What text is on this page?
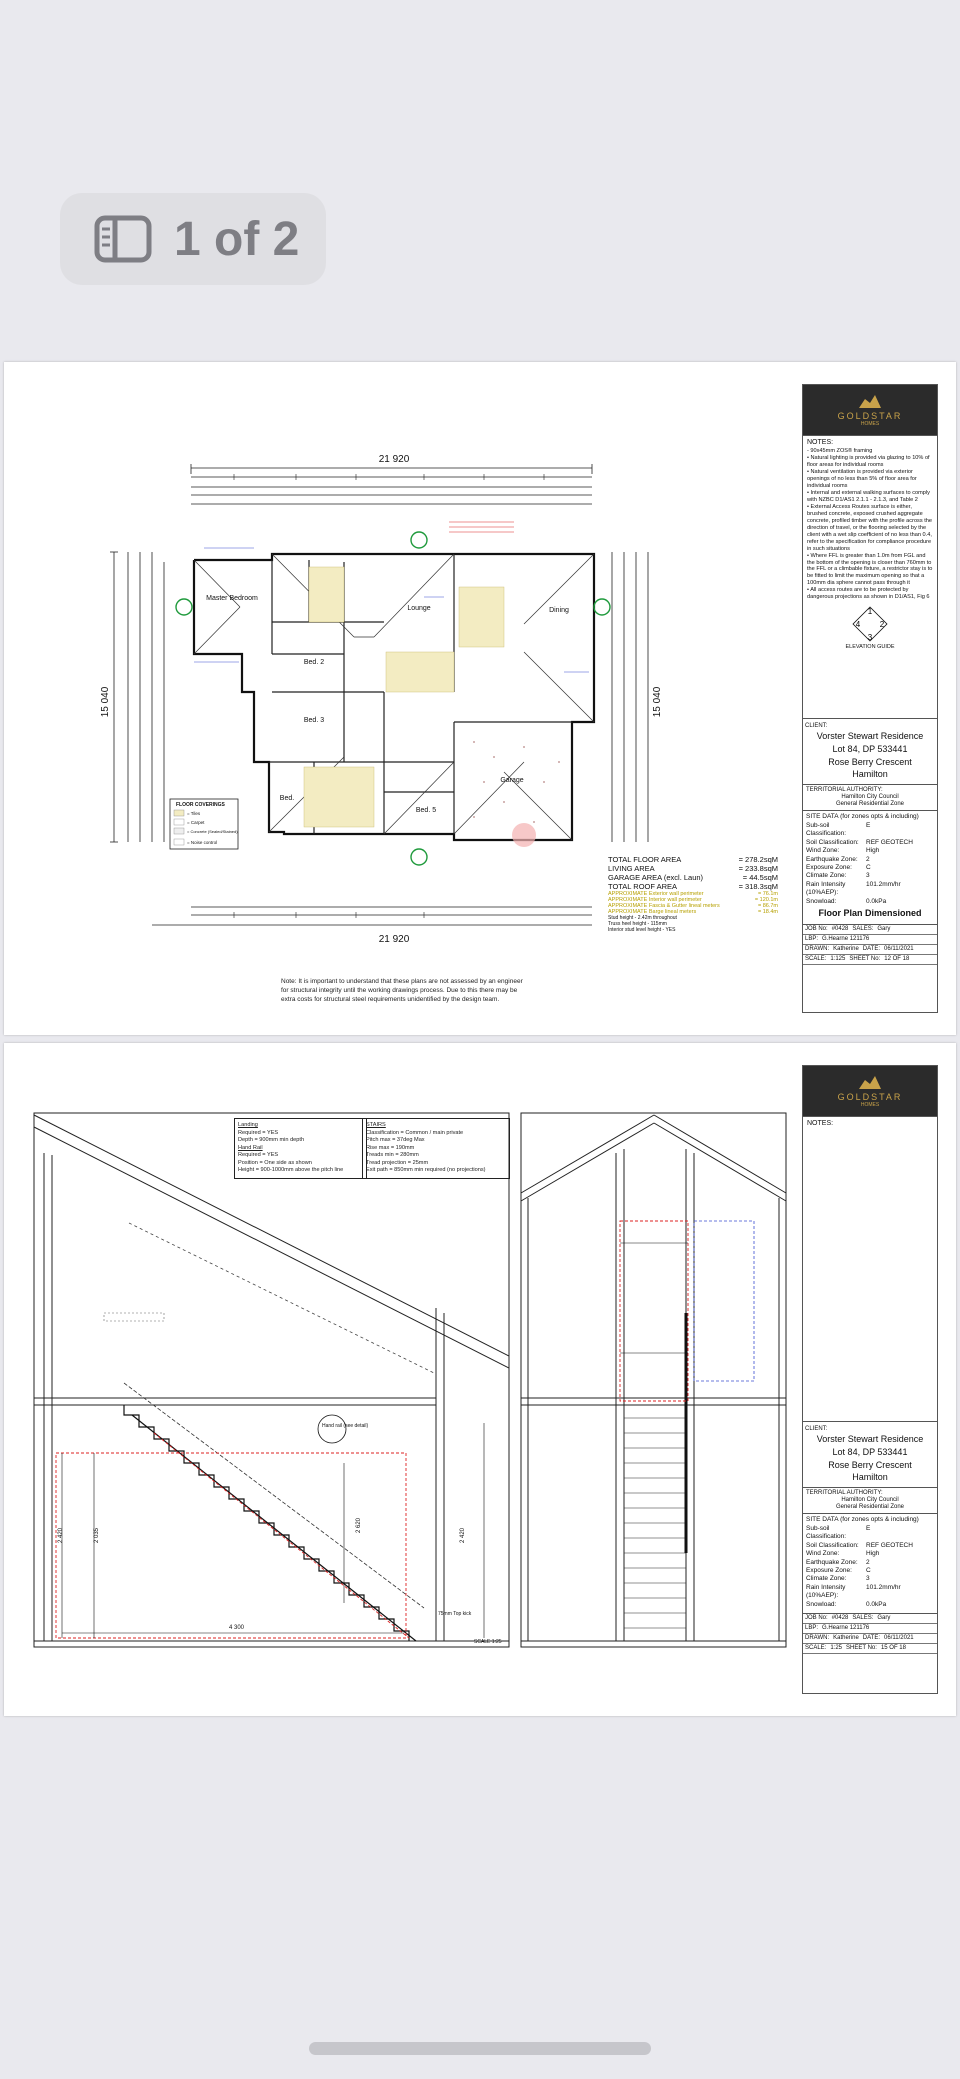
1 of 2
21 920
21 920
15 040	15 040
Master Bedroom
Bed. 2
Bed. 3
Bed.
Bed. 5
Lounge	Dining
Garage
FLOOR COVERINGS
= Tiles
= Carpet
= Concrete (Sealed/Stained)
= Noise control
TOTAL FLOOR AREA	= 278.2sqM
LIVING AREA	= 233.8sqM
GARAGE AREA (excl. Laun)	= 44.5sqM
TOTAL ROOF AREA	= 318.3sqM
APPROXIMATE Exterior wall perimeter	= 76.1m
APPROXIMATE Interior wall perimeter	= 120.1m
APPROXIMATE Fascia & Gutter lineal meters	= 86.7m
APPROXIMATE Barge lineal meters	= 18.4m
Stud height - 2.42m throughout
Truss heel height - 115mm
Interior stud level height - YES
Note: It is important to understand that these plans are not assessed by an engineer for structural integrity until the working drawings process. Due to this there may be extra costs for structural steel requirements unidentified by the design team.
GOLDSTAR
HOMES
NOTES:
- 90x45mm ZOS® framing
• Natural lighting is provided via glazing to 10% of floor areas for individual rooms
• Natural ventilation is provided via exterior openings of no less than 5% of floor area for individual rooms
• Internal and external walking surfaces to comply with NZBC D1/AS1 2.1.1 - 2.1.3, and Table 2
• External Access Routes surface is either, brushed concrete, exposed crushed aggregate concrete, profiled timber with the profile across the direction of travel, or the flooring selected by the client with a wet slip coefficient of no less than 0.4, refer to the specification for compliance procedure in such situations
• Where FFL is greater than 1.0m from FGL and the bottom of the opening is closer than 760mm to the FFL or a climbable fixture, a restrictor stay is to be fitted to limit the maximum opening so that a 100mm dia sphere cannot pass through it
• All access routes are to be protected by dangerous projections as shown in D1/AS1, Fig 6
1
2
3
4
ELEVATION GUIDE
CLIENT:
Vorster Stewart Residence
Lot 84, DP 533441
Rose Berry Crescent
Hamilton
TERRITORIAL AUTHORITY:
Hamilton City Council
General Residential Zone
SITE DATA (for zones opts & including)
Sub-soil Classification:
E
Soil Classification:	REF GEOTECH
Wind Zone:	High
Earthquake Zone:	2
Exposure Zone:	C
Climate Zone:	3
Rain Intensity (10%AEP):
101.2mm/hr
Snowload:	0.0kPa
Floor Plan Dimensioned
JOB No: #0428 SALES: Gary
LBP: G.Hearne 121176
DRAWN: Katherine DATE: 06/11/2021
SCALE: 1:125 SHEET No: 12 OF 18
2 420	2 420
4 300
2 035
2 620
Hand rail (see detail)
75mm Top kick
SCALE 1:25
Landing
Required = YES
Depth = 900mm min depth
Hand Rail
Required = YES
Position = One side as shown
Height = 900-1000mm above the pitch line
STAIRS
Classification = Common / main private
Pitch max = 37deg Max
Rise max = 190mm
Treads min = 280mm
Tread projection = 25mm
Exit path = 850mm min required (no projections)
GOLDSTAR
HOMES
NOTES:
CLIENT:
Vorster Stewart Residence
Lot 84, DP 533441
Rose Berry Crescent
Hamilton
TERRITORIAL AUTHORITY:
Hamilton City Council
General Residential Zone
SITE DATA (for zones opts & including)
Sub-soil Classification:
E
Soil Classification:	REF GEOTECH
Wind Zone:	High
Earthquake Zone:	2
Exposure Zone:	C
Climate Zone:	3
Rain Intensity (10%AEP):
101.2mm/hr
Snowload:	0.0kPa
JOB No: #0428 SALES: Gary
LBP: G.Hearne 121176
DRAWN: Katherine DATE: 06/11/2021
SCALE: 1:25 SHEET No: 15 OF 18
